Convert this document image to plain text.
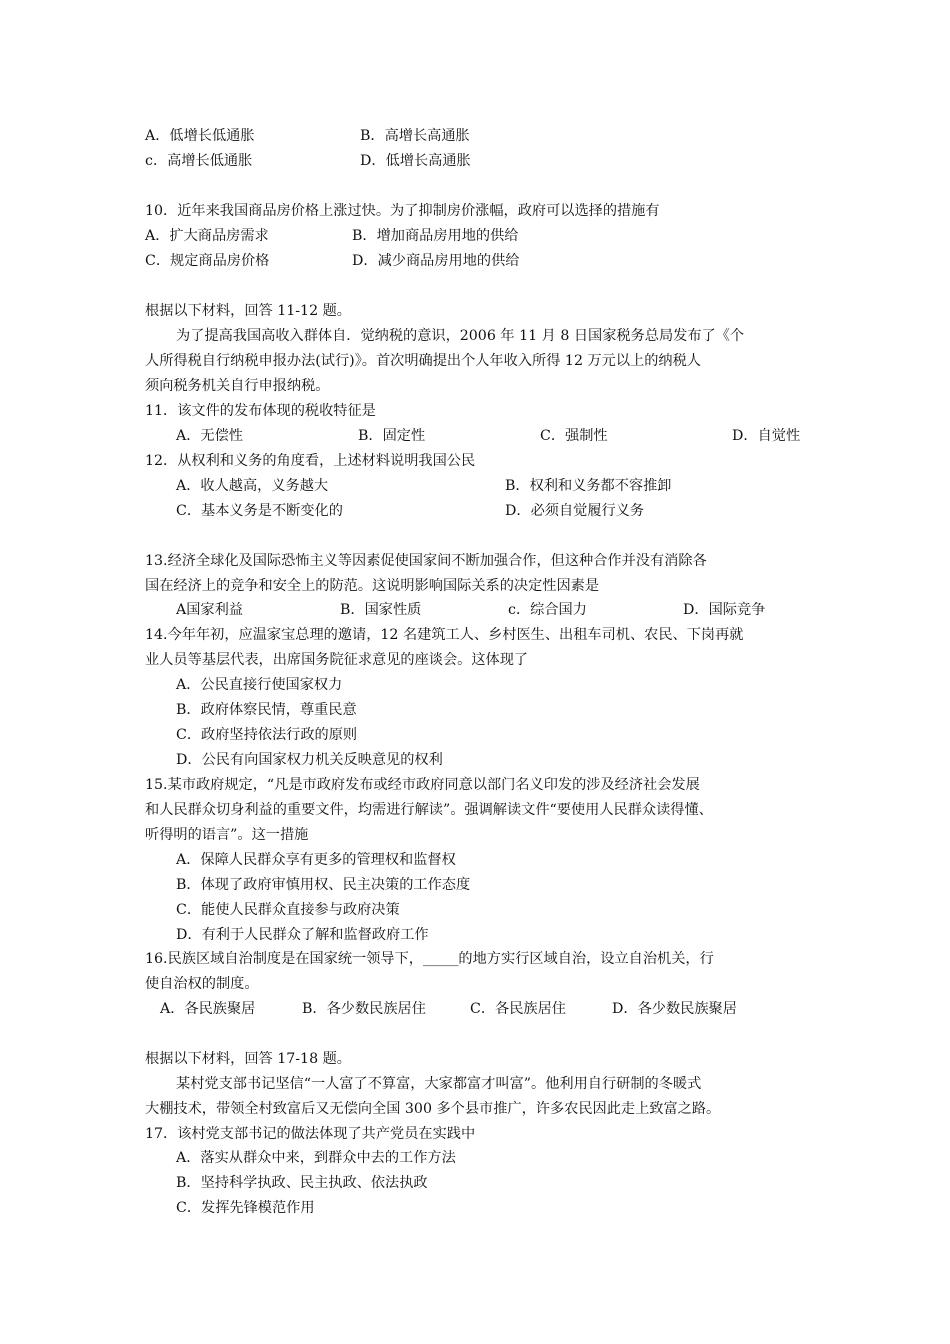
A．低增长低通胀	B．高增长高通胀
c．高增长低通胀	D．低增长高通胀

10．近年来我国商品房价格上涨过快。为了抑制房价涨幅，政府可以选择的措施有

A．扩大商品房需求	B．增加商品房用地的供给
C．规定商品房价格	D．减少商品房用地的供给

根据以下材料，回答 11-12 题。

为了提高我国高收入群体自．觉纳税的意识，2006 年 11 月 8 日国家税务总局发布了《个

人所得税自行纳税申报办法(试行)》。首次明确提出个人年收入所得 12 万元以上的纳税人

须向税务机关自行申报纳税。

11．该文件的发布体现的税收特征是

A．无偿性	B．固定性	C．强制性	D．自觉性

12．从权利和义务的角度看，上述材料说明我国公民

A．收人越高，义务越大	B．权利和义务都不容推卸
C．基本义务是不断变化的	D．必须自觉履行义务

13.经济全球化及国际恐怖主义等因素促使国家间不断加强合作，但这种合作并没有消除各

国在经济上的竞争和安全上的防范。这说明影响国际关系的决定性因素是

A国家利益	B．国家性质	c．综合国力	D．国际竞争

14.今年年初，应温家宝总理的邀请，12 名建筑工人、乡村医生、出租车司机、农民、下岗再就

业人员等基层代表，出席国务院征求意见的座谈会。这体现了

A．公民直接行使国家权力

B．政府体察民情，尊重民意

C．政府坚持依法行政的原则

D．公民有向国家权力机关反映意见的权利

15.某市政府规定，“凡是市政府发布或经市政府同意以部门名义印发的涉及经济社会发展

和人民群众切身利益的重要文件，均需进行解读”。强调解读文件“要使用人民群众读得懂、

听得明的语言”。这一措施

A．保障人民群众享有更多的管理权和监督权

B．体现了政府审慎用权、民主决策的工作态度

C．能使人民群众直接参与政府决策

D．有利于人民群众了解和监督政府工作

16.民族区域自治制度是在国家统一领导下，_____的地方实行区域自治，设立自治机关，行

使自治权的制度。

A．各民族聚居	B．各少数民族居住	C．各民族居住	D．各少数民族聚居

根据以下材料，回答 17-18 题。

某村党支部书记坚信“一人富了不算富，大家都富才叫富”。他利用自行研制的冬暖式

大棚技术，带领全村致富后又无偿向全国 300 多个县市推广，许多农民因此走上致富之路。

17．该村党支部书记的做法体现了共产党员在实践中

A．落实从群众中来，到群众中去的工作方法

B．坚持科学执政、民主执政、依法执政

C．发挥先锋模范作用
